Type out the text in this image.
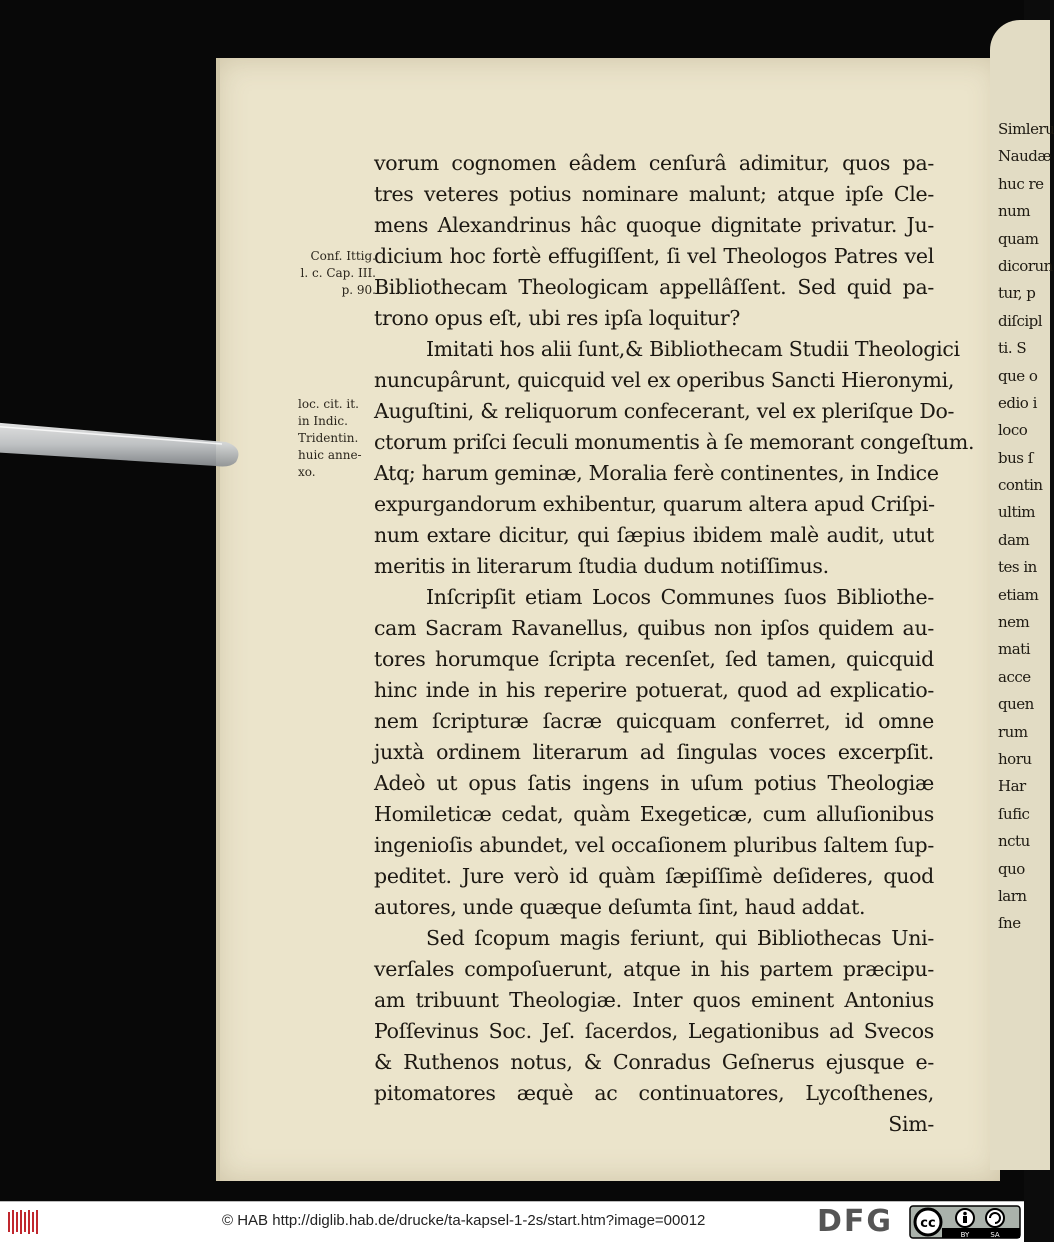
Simleru
Naudæ
huc re
num
quam
dicorun
tur, p
diſcipl
ti. S
que o
edio i
loco
bus ſ
contin
ultim
dam
tes in
etiam
nem
mati
acce
quen
rum
horu
Har
ſufic
nctu
quo
larn
ſne
Conf. Ittig.
l. c. Cap. III.
p. 90.
loc. cit. it.
in Indic.
Tridentin.
huic anne-
xo.
vorum cognomen eâdem cenſurâ adimitur, quos pa-
tres veteres potius nominare malunt; atque ipſe Cle-
mens Alexandrinus hâc quoque dignitate privatur. Ju-
dicium hoc fortè effugiſſent, ſi vel Theologos Patres vel
Bibliothecam Theologicam appellâſſent. Sed quid pa-
trono opus eſt, ubi res ipſa loquitur?
Imitati hos alii ſunt,& Bibliothecam Studii Theologici
nuncupârunt, quicquid vel ex operibus Sancti Hieronymi,
Auguſtini, & reliquorum confecerant, vel ex pleriſque Do-
ctorum priſci ſeculi monumentis à ſe memorant congeſtum.
Atq; harum geminæ, Moralia ferè continentes, in Indice
expurgandorum exhibentur, quarum altera apud Criſpi-
num extare dicitur, qui ſæpius ibidem malè audit, utut
meritis in literarum ſtudia dudum notiſſimus.
Inſcripſit etiam Locos Communes ſuos Bibliothe-
cam Sacram Ravanellus, quibus non ipſos quidem au-
tores horumque ſcripta recenſet, ſed tamen, quicquid
hinc inde in his reperire potuerat, quod ad explicatio-
nem ſcripturæ ſacræ quicquam conferret, id omne
juxtà ordinem literarum ad ſingulas voces excerpſit.
Adeò ut opus ſatis ingens in uſum potius Theologiæ
Homileticæ cedat, quàm Exegeticæ, cum alluſionibus
ingenioſis abundet, vel occaſionem pluribus ſaltem ſup-
peditet. Jure verò id quàm ſæpiſſimè deſideres, quod
autores, unde quæque deſumta ſint, haud addat.
Sed ſcopum magis feriunt, qui Bibliothecas Uni-
verſales compoſuerunt, atque in his partem præcipu-
am tribuunt Theologiæ. Inter quos eminent Antonius
Poſſevinus Soc. Jeſ. ſacerdos, Legationibus ad Svecos
& Ruthenos notus, & Conradus Geſnerus ejusque e-
pitomatores æquè ac continuatores, Lycoſthenes,
Sim-
© HAB http://diglib.hab.de/drucke/ta-kapsel-1-2s/start.htm?image=00012	DFG	cc
BY	SA
